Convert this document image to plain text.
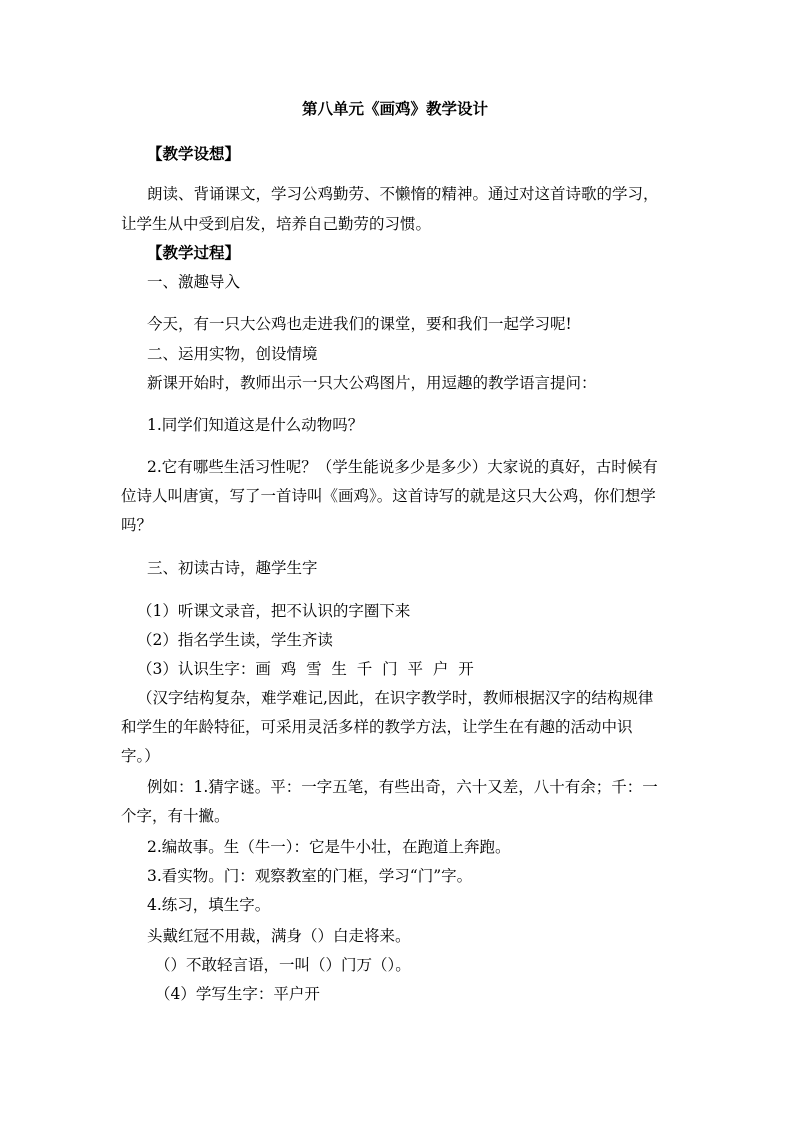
第八单元《画鸡》教学设计
【教学设想】
朗读、背诵课文，学习公鸡勤劳、不懒惰的精神。通过对这首诗歌的学习，
让学生从中受到启发，培养自己勤劳的习惯。
【教学过程】
一、激趣导入
今天，有一只大公鸡也走进我们的课堂，要和我们一起学习呢!
二、运用实物，创设情境
新课开始时，教师出示一只大公鸡图片，用逗趣的教学语言提问：
1.同学们知道这是什么动物吗？
2.它有哪些生活习性呢？（学生能说多少是多少）大家说的真好，古时候有
位诗人叫唐寅，写了一首诗叫《画鸡》。这首诗写的就是这只大公鸡，你们想学
吗？
三、初读古诗，趣学生字
（1）听课文录音，把不认识的字圈下来
（2）指名学生读，学生齐读
（3）认识生字：画  鸡  雪  生  千  门  平  户  开
（汉字结构复杂，难学难记,因此，在识字教学时，教师根据汉字的结构规律
和学生的年龄特征，可采用灵活多样的教学方法，让学生在有趣的活动中识
字。）
例如：1.猜字谜。平：一字五笔，有些出奇，六十又差，八十有余；千：一
个字，有十撇。
2.编故事。生（牛一）：它是牛小壮，在跑道上奔跑。
3.看实物。门：观察教室的门框，学习“门”字。
4.练习，填生字。
头戴红冠不用裁，满身（）白走将来。
（）不敢轻言语，一叫（）门万（）。
（4）学写生字：平户开
